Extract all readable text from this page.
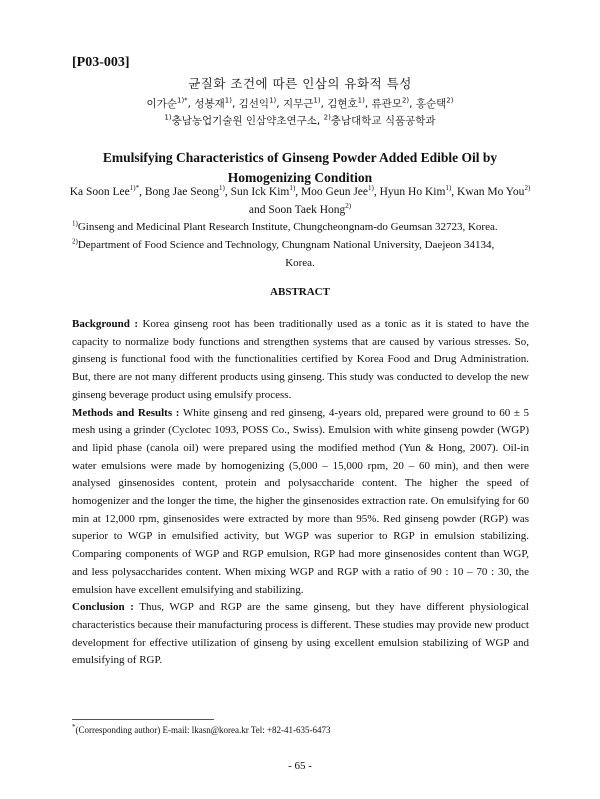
[P03-003]
균질화 조건에 따른 인삼의 유화적 특성
이가순$^{1)*}$, 성봉재$^{1)}$, 김선익$^{1)}$, 지무근$^{1)}$, 김현호$^{1)}$, 류관모$^{2)}$, 홍순택$^{2)}$
$^{1)}$충남농업기술원 인삼약초연구소, $^{2)}$충남대학교 식품공학과
Emulsifying Characteristics of Ginseng Powder Added Edible Oil by Homogenizing Condition
Ka Soon Lee$^{1)*}$, Bong Jae Seong$^{1)}$, Sun Ick Kim$^{1)}$, Moo Geun Jee$^{1)}$, Hyun Ho Kim$^{1)}$, Kwan Mo You$^{2)}$ and Soon Taek Hong$^{2)}$
$^{1)}$Ginseng and Medicinal Plant Research Institute, Chungcheongnam-do Geumsan 32723, Korea.
$^{2)}$Department of Food Science and Technology, Chungnam National University, Daejeon 34134,
Korea.
ABSTRACT

Background : Korea ginseng root has been traditionally used as a tonic as it is stated to have the capacity to normalize body functions and strengthen systems that are caused by various stresses. So, ginseng is functional food with the functionalities certified by Korea Food and Drug Administration. But, there are not many different products using ginseng. This study was conducted to develop the new ginseng beverage product using emulsify process.

Methods and Results : White ginseng and red ginseng, 4-years old, prepared were ground to 60 ± 5 mesh using a grinder (Cyclotec 1093, POSS Co., Swiss). Emulsion with white ginseng powder (WGP) and lipid phase (canola oil) were prepared using the modified method (Yun & Hong, 2007). Oil-in water emulsions were made by homogenizing (5,000 – 15,000 rpm, 20 – 60 min), and then were analysed ginsenosides content, protein and polysaccharide content. The higher the speed of homogenizer and the longer the time, the higher the ginsenosides extraction rate. On emulsifying for 60 min at 12,000 rpm, ginsenosides were extracted by more than 95%. Red ginseng powder (RGP) was superior to WGP in emulsified activity, but WGP was superior to RGP in emulsion stabilizing. Comparing components of WGP and RGP emulsion, RGP had more ginsenosides content than WGP, and less polysaccharides content. When mixing WGP and RGP with a ratio of 90 : 10 – 70 : 30, the emulsion have excellent emulsifying and stabilizing.

Conclusion : Thus, WGP and RGP are the same ginseng, but they have different physiological characteristics because their manufacturing process is different. These studies may provide new product development for effective utilization of ginseng by using excellent emulsion stabilizing of WGP and emulsifying of RGP.

*(Corresponding author) E-mail: lkasn@korea.kr Tel: +82-41-635-6473
- 65 -
